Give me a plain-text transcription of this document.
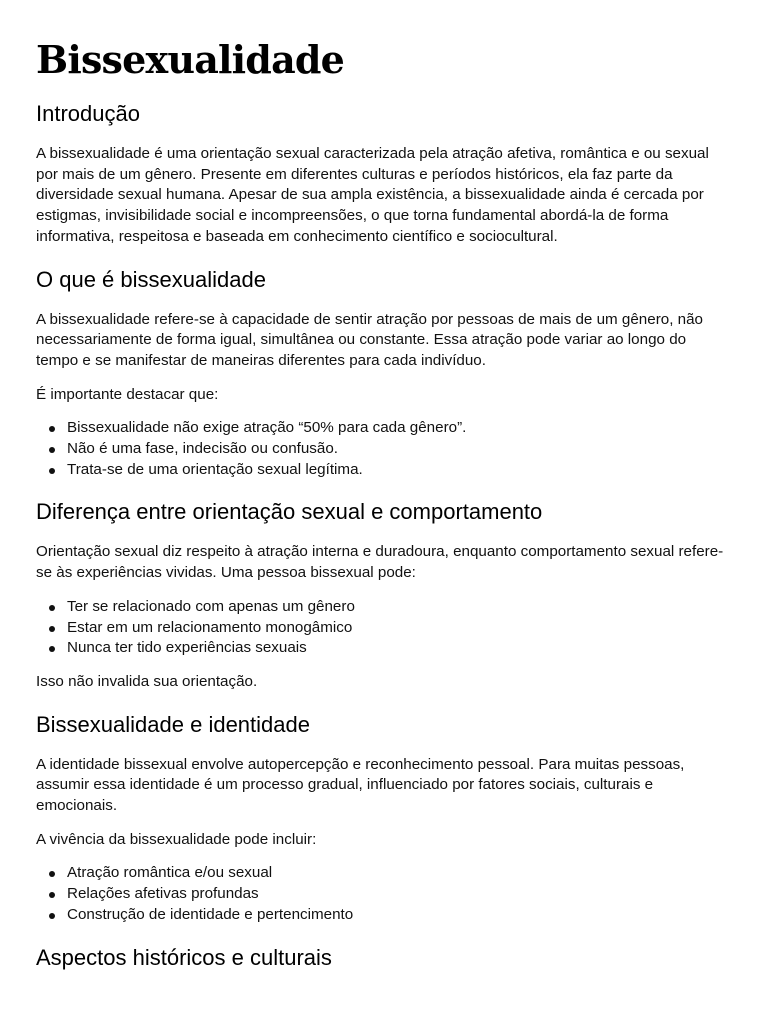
Bissexualidade
Introdução

A bissexualidade é uma orientação sexual caracterizada pela atração afetiva, romântica e ou sexual por mais de um gênero. Presente em diferentes culturas e períodos históricos, ela faz parte da diversidade sexual humana. Apesar de sua ampla existência, a bissexualidade ainda é cercada por estigmas, invisibilidade social e incompreensões, o que torna fundamental abordá-la de forma informativa, respeitosa e baseada em conhecimento científico e sociocultural.

O que é bissexualidade

A bissexualidade refere-se à capacidade de sentir atração por pessoas de mais de um gênero, não necessariamente de forma igual, simultânea ou constante. Essa atração pode variar ao longo do tempo e se manifestar de maneiras diferentes para cada indivíduo.

É importante destacar que:

Bissexualidade não exige atração “50% para cada gênero”.
Não é uma fase, indecisão ou confusão.
Trata-se de uma orientação sexual legítima.
Diferença entre orientação sexual e comportamento

Orientação sexual diz respeito à atração interna e duradoura, enquanto comportamento sexual refere-se às experiências vividas. Uma pessoa bissexual pode:

Ter se relacionado com apenas um gênero
Estar em um relacionamento monogâmico
Nunca ter tido experiências sexuais

Isso não invalida sua orientação.

Bissexualidade e identidade

A identidade bissexual envolve autopercepção e reconhecimento pessoal. Para muitas pessoas, assumir essa identidade é um processo gradual, influenciado por fatores sociais, culturais e emocionais.

A vivência da bissexualidade pode incluir:

Atração romântica e/ou sexual
Relações afetivas profundas
Construção de identidade e pertencimento
Aspectos históricos e culturais
